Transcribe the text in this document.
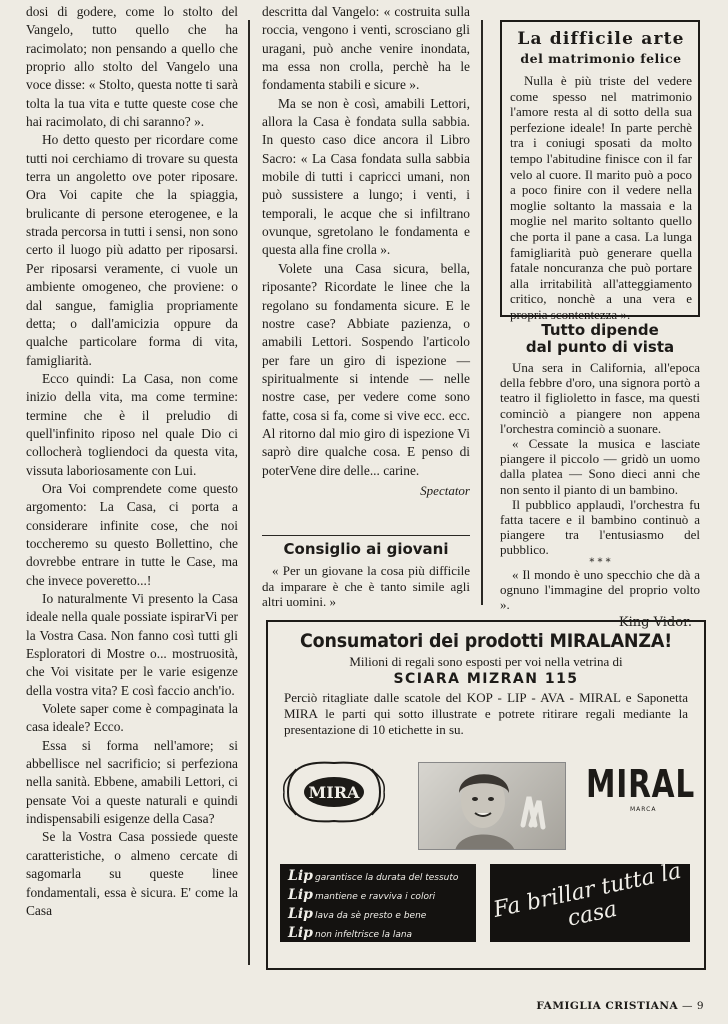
dosi di godere, come lo stolto del Vangelo, tutto quello che ha racimolato; non pensando a quello che proprio allo stolto del Vangelo una voce disse: « Stolto, questa notte ti sarà tolta la tua vita e tutte queste cose che hai racimolato, di chi saranno? ».

Ho detto questo per ricordare come tutti noi cerchiamo di trovare su questa terra un angoletto ove poter riposare. Ora Voi capite che la spiaggia, brulicante di persone eterogenee, e la strada percorsa in tutti i sensi, non sono certo il luogo più adatto per riposarsi. Per riposarsi veramente, ci vuole un ambiente omogeneo, che proviene: o dal sangue, famiglia propriamente detta; o dall'amicizia oppure da qualche particolare forma di vita, famigliarità.

Ecco quindi: La Casa, non come inizio della vita, ma come termine: termine che è il preludio di quell'infinito riposo nel quale Dio ci collocherà togliendoci da questa vita, vissuta laboriosamente con Lui.

Ora Voi comprendete come questo argomento: La Casa, ci porta a considerare infinite cose, che noi toccheremo su questo Bollettino, che dovrebbe entrare in tutte le Case, ma che invece poveretto...!

Io naturalmente Vi presento la Casa ideale nella quale possiate ispirarVi per la Vostra Casa. Non fanno così tutti gli Esploratori di Mostre o... mostruosità, che Voi visitate per le varie esigenze della vostra vita? E così faccio anch'io.

Volete saper come è compaginata la casa ideale? Ecco.

Essa si forma nell'amore; si abbellisce nel sacrificio; si perfeziona nella sanità. Ebbene, amabili Lettori, ci pensate Voi a queste naturali e quindi indispensabili esigenze della Casa?

Se la Vostra Casa possiede queste caratteristiche, o almeno cercate di sagomarla su queste linee fondamentali, essa è sicura. E' come la Casa

descritta dal Vangelo: « costruita sulla roccia, vengono i venti, scrosciano gli uragani, può anche venire inondata, ma essa non crolla, perchè ha le fondamenta stabili e sicure ».

Ma se non è così, amabili Lettori, allora la Casa è fondata sulla sabbia. In questo caso dice ancora il Libro Sacro: « La Casa fondata sulla sabbia mobile di tutti i capricci umani, non può sussistere a lungo; i venti, i temporali, le acque che si infiltrano ovunque, sgretolano le fondamenta e questa alla fine crolla ».

Volete una Casa sicura, bella, riposante? Ricordate le linee che la regolano su fondamenta sicure. E le nostre case? Abbiate pazienza, o amabili Lettori. Sospendo l'articolo per fare un giro di ispezione — spiritualmente si intende — nelle nostre case, per vedere come sono fatte, cosa si fa, come si vive ecc. ecc. Al ritorno dal mio giro di ispezione Vi saprò dire qualche cosa. E penso di poterVene dire delle... carine.

Spectator
Consiglio ai giovani

« Per un giovane la cosa più difficile da imparare è che è tanto simile agli altri uomini. »

La difficile arte
del matrimonio felice

Nulla è più triste del vedere come spesso nel matrimonio l'amore resta al di sotto della sua perfezione ideale! In parte perchè tra i coniugi sposati da molto tempo l'abitudine finisce con il far velo al cuore. Il marito può a poco a poco finire con il vedere nella moglie soltanto la massaia e la moglie nel marito soltanto quello che porta il pane a casa. La lunga famigliarità può generare quella fatale noncuranza che può portare alla irritabilità all'atteggiamento critico, nonchè a una vera e propria scontentezza ».

Tutto dipende
dal punto di vista

Una sera in California, all'epoca della febbre d'oro, una signora portò a teatro il figlioletto in fasce, ma questi cominciò a piangere non appena l'orchestra cominciò a suonare.

« Cessate la musica e lasciate piangere il piccolo — gridò un uomo dalla platea — Sono dieci anni che non sento il pianto di un bambino.

Il pubblico applaudì, l'orchestra fu fatta tacere e il bambino continuò a piangere tra l'entusiasmo del pubblico.

* * *

« Il mondo è uno specchio che dà a ognuno l'immagine del proprio volto ».

King Vidor.
Consumatori dei prodotti MIRALANZA!
Milioni di regali sono esposti per voi nella vetrina di
SCIARA MIZRAN 115
Perciò ritagliate dalle scatole del KOP - LIP - AVA - MIRAL e Saponetta MIRA le parti qui sotto illustrate e potrete ritirare regali mediante la presentazione di 10 etichette in su.
MIRA	MIRAL
MARCA
Lip garantisce la durata del tessuto
Lip mantiene e ravviva i colori
Lip lava da sè presto e bene
Lip non infeltrisce la lana
Fa brillar tutta la casa
FAMIGLIA CRISTIANA — 9
